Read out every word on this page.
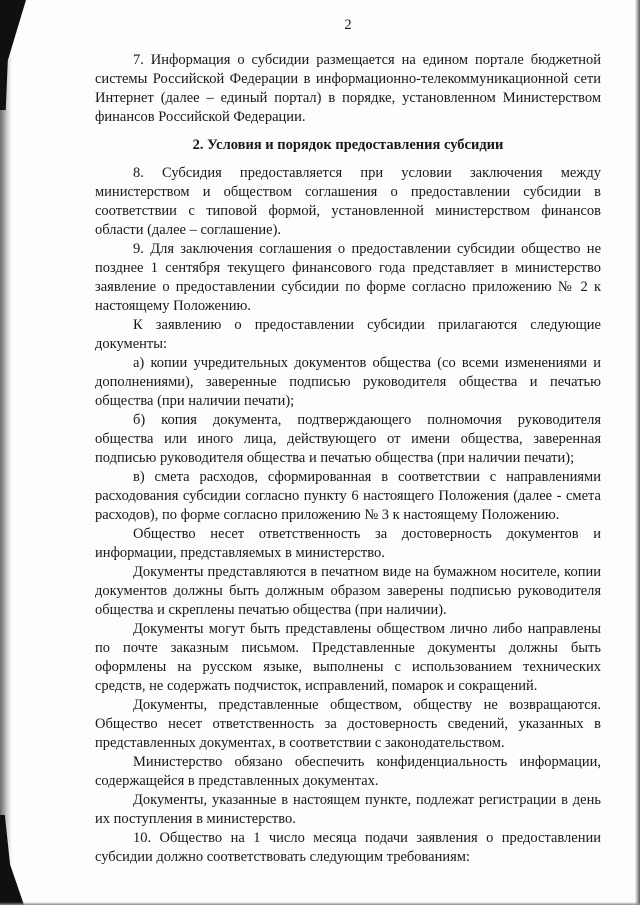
2

7. Информация о субсидии размещается на едином портале бюджетной системы Российской Федерации в информационно-телекоммуникационной сети Интернет (далее – единый портал) в порядке, установленном Министерством финансов Российской Федерации.

2. Условия и порядок предоставления субсидии

8. Субсидия предоставляется при условии заключения между министерством и обществом соглашения о предоставлении субсидии в соответствии с типовой формой, установленной министерством финансов области (далее – соглашение).

9. Для заключения соглашения о предоставлении субсидии общество не позднее 1 сентября текущего финансового года представляет в министерство заявление о предоставлении субсидии по форме согласно приложению № 2 к настоящему Положению.

К заявлению о предоставлении субсидии прилагаются следующие документы:

а) копии учредительных документов общества (со всеми изменениями и дополнениями), заверенные подписью руководителя общества и печатью общества (при наличии печати);

б) копия документа, подтверждающего полномочия руководителя общества или иного лица, действующего от имени общества, заверенная подписью руководителя общества и печатью общества (при наличии печати);

в) смета расходов, сформированная в соответствии с направлениями расходования субсидии согласно пункту 6 настоящего Положения (далее - смета расходов), по форме согласно приложению № 3 к настоящему Положению.

Общество несет ответственность за достоверность документов и информации, представляемых в министерство.

Документы представляются в печатном виде на бумажном носителе, копии документов должны быть должным образом заверены подписью руководителя общества и скреплены печатью общества (при наличии).

Документы могут быть представлены обществом лично либо направлены по почте заказным письмом. Представленные документы должны быть оформлены на русском языке, выполнены с использованием технических средств, не содержать подчисток, исправлений, помарок и сокращений.

Документы, представленные обществом, обществу не возвращаются. Общество несет ответственность за достоверность сведений, указанных в представленных документах, в соответствии с законодательством.

Министерство обязано обеспечить конфиденциальность информации, содержащейся в представленных документах.

Документы, указанные в настоящем пункте, подлежат регистрации в день их поступления в министерство.

10. Общество на 1 число месяца подачи заявления о предоставлении субсидии должно соответствовать следующим требованиям:
